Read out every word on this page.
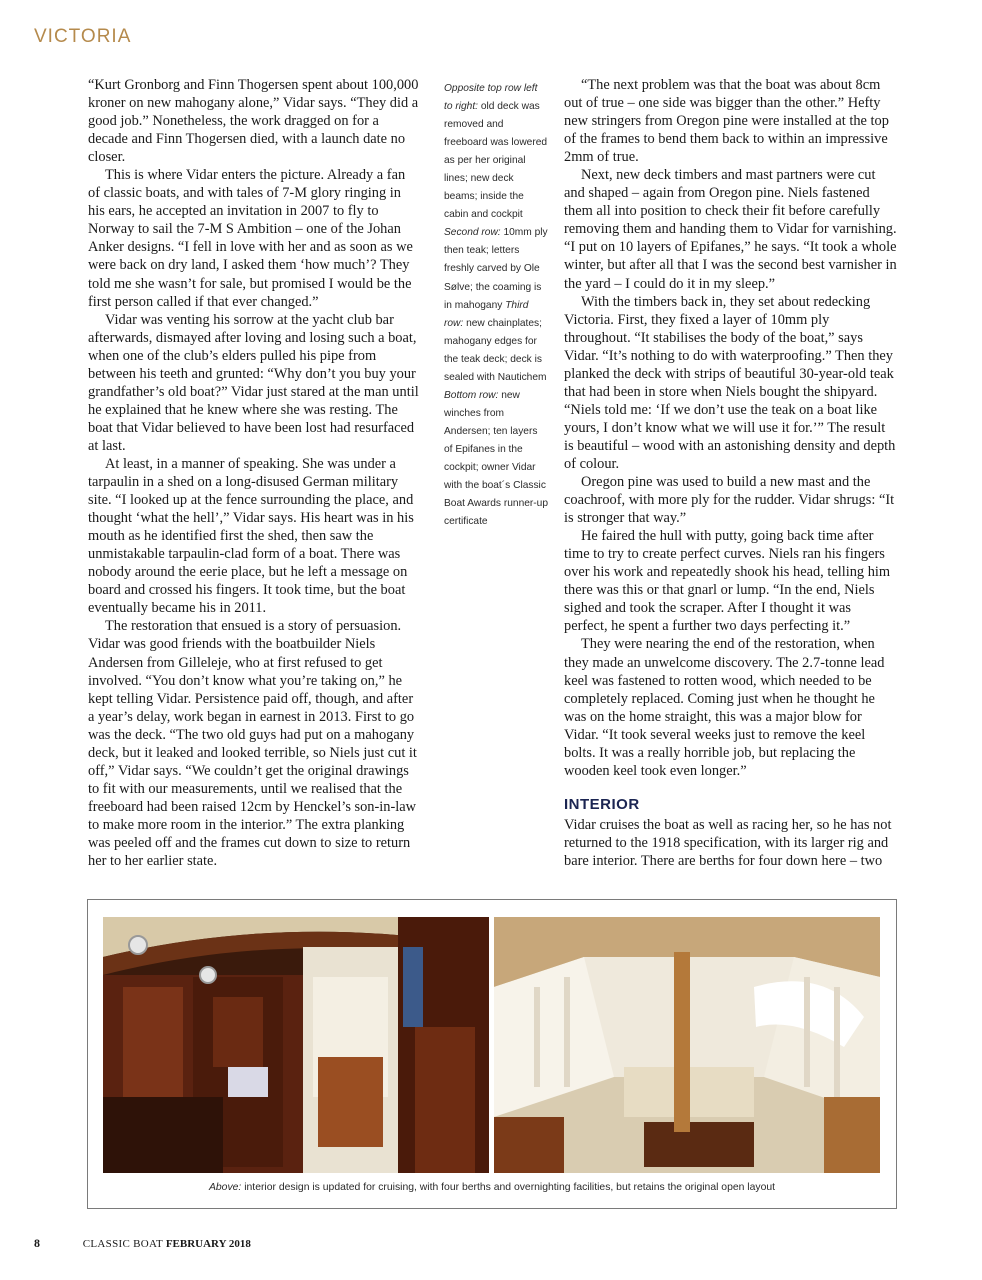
VICTORIA

“Kurt Gronborg and Finn Thogersen spent about 100,000 kroner on new mahogany alone,” Vidar says. “They did a good job.” Nonetheless, the work dragged on for a decade and Finn Thogersen died, with a launch date no closer.

This is where Vidar enters the picture. Already a fan of classic boats, and with tales of 7-M glory ringing in his ears, he accepted an invitation in 2007 to fly to Norway to sail the 7-M S Ambition – one of the Johan Anker designs. “I fell in love with her and as soon as we were back on dry land, I asked them ‘how much’? They told me she wasn’t for sale, but promised I would be the first person called if that ever changed.”

Vidar was venting his sorrow at the yacht club bar afterwards, dismayed after loving and losing such a boat, when one of the club’s elders pulled his pipe from between his teeth and grunted: “Why don’t you buy your grandfather’s old boat?” Vidar just stared at the man until he explained that he knew where she was resting. The boat that Vidar believed to have been lost had resurfaced at last.

At least, in a manner of speaking. She was under a tarpaulin in a shed on a long-disused German military site. “I looked up at the fence surrounding the place, and thought ‘what the hell’,” Vidar says. His heart was in his mouth as he identified first the shed, then saw the unmistakable tarpaulin-clad form of a boat. There was nobody around the eerie place, but he left a message on board and crossed his fingers. It took time, but the boat eventually became his in 2011.

The restoration that ensued is a story of persuasion. Vidar was good friends with the boatbuilder Niels Andersen from Gilleleje, who at first refused to get involved. “You don’t know what you’re taking on,” he kept telling Vidar. Persistence paid off, though, and after a year’s delay, work began in earnest in 2013. First to go was the deck. “The two old guys had put on a mahogany deck, but it leaked and looked terrible, so Niels just cut it off,” Vidar says. “We couldn’t get the original drawings to fit with our measurements, until we realised that the freeboard had been raised 12cm by Henckel’s son-in-law to make more room in the interior.” The extra planking was peeled off and the frames cut down to size to return her to her earlier state.

Opposite top row left to right: old deck was removed and freeboard was lowered as per her original lines; new deck beams; inside the cabin and cockpit Second row: 10mm ply then teak; letters freshly carved by Ole Sølve; the coaming is in mahogany Third row: new chainplates; mahogany edges for the teak deck; deck is sealed with Nautichem Bottom row: new winches from Andersen; ten layers of Epifanes in the cockpit; owner Vidar with the boat´s Classic Boat Awards runner-up certificate

“The next problem was that the boat was about 8cm out of true – one side was bigger than the other.” Hefty new stringers from Oregon pine were installed at the top of the frames to bend them back to within an impressive 2mm of true.

Next, new deck timbers and mast partners were cut and shaped – again from Oregon pine. Niels fastened them all into position to check their fit before carefully removing them and handing them to Vidar for varnishing. “I put on 10 layers of Epifanes,” he says. “It took a whole winter, but after all that I was the second best varnisher in the yard – I could do it in my sleep.”

With the timbers back in, they set about redecking Victoria. First, they fixed a layer of 10mm ply throughout. “It stabilises the body of the boat,” says Vidar. “It’s nothing to do with waterproofing.” Then they planked the deck with strips of beautiful 30-year-old teak that had been in store when Niels bought the shipyard. “Niels told me: ‘If we don’t use the teak on a boat like yours, I don’t know what we will use it for.’” The result is beautiful – wood with an astonishing density and depth of colour.

Oregon pine was used to build a new mast and the coachroof, with more ply for the rudder. Vidar shrugs: “It is stronger that way.”

He faired the hull with putty, going back time after time to try to create perfect curves. Niels ran his fingers over his work and repeatedly shook his head, telling him there was this or that gnarl or lump. “In the end, Niels sighed and took the scraper. After I thought it was perfect, he spent a further two days perfecting it.”

They were nearing the end of the restoration, when they made an unwelcome discovery. The 2.7-tonne lead keel was fastened to rotten wood, which needed to be completely replaced. Coming just when he thought he was on the home straight, this was a major blow for Vidar. “It took several weeks just to remove the keel bolts. It was a really horrible job, but replacing the wooden keel took even longer.”

INTERIOR

Vidar cruises the boat as well as racing her, so he has not returned to the 1918 specification, with its larger rig and bare interior. There are berths for four down here – two

Above: interior design is updated for cruising, with four berths and overnighting facilities, but retains the original open layout
8	CLASSIC BOAT FEBRUARY 2018
